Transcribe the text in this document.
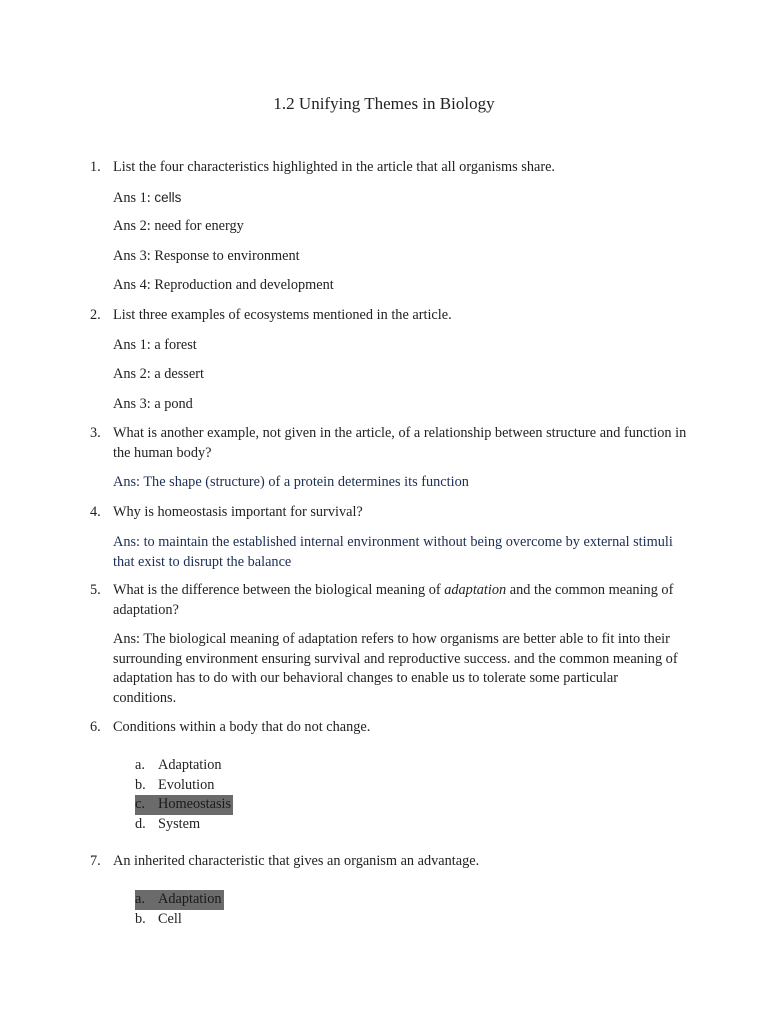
1.2 Unifying Themes in Biology
1. List the four characteristics highlighted in the article that all organisms share.
Ans 1: cells
Ans 2: need for energy
Ans 3: Response to environment
Ans 4: Reproduction and development
2. List three examples of ecosystems mentioned in the article.
Ans 1: a forest
Ans 2: a dessert
Ans 3: a pond
3. What is another example, not given in the article, of a relationship between structure and function in the human body?
Ans: The shape (structure) of a protein determines its function
4. Why is homeostasis important for survival?
Ans: to maintain the established internal environment without being overcome by external stimuli that exist to disrupt the balance
5. What is the difference between the biological meaning of adaptation and the common meaning of adaptation?
Ans: The biological meaning of adaptation refers to how organisms are better able to fit into their surrounding environment ensuring survival and reproductive success. and the common meaning of adaptation has to do with our behavioral changes to enable us to tolerate some particular conditions.
6. Conditions within a body that do not change.
a. Adaptation
b. Evolution
c. Homeostasis
d. System
7. An inherited characteristic that gives an organism an advantage.
a. Adaptation
b. Cell
